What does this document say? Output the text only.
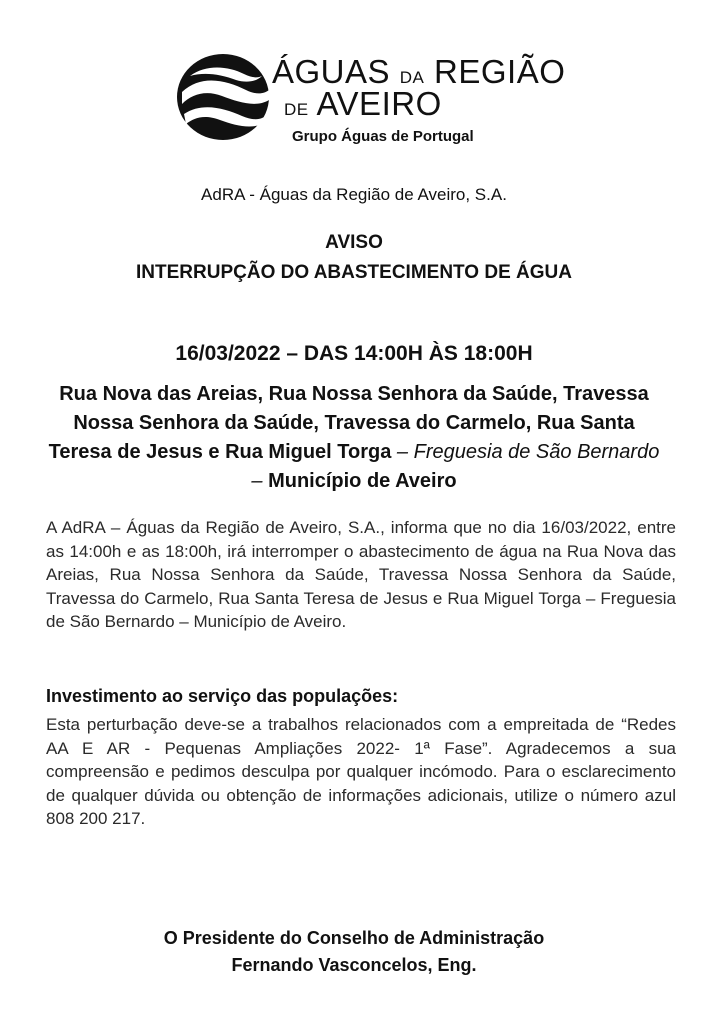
ÁGUAS DA REGIÃO
DE AVEIRO
Grupo Águas de Portugal
AdRA - Águas da Região de Aveiro, S.A.
AVISO
INTERRUPÇÃO DO ABASTECIMENTO DE ÁGUA
16/03/2022 – DAS 14:00H ÀS 18:00H
Rua Nova das Areias, Rua Nossa Senhora da Saúde, Travessa Nossa Senhora da Saúde, Travessa do Carmelo, Rua Santa Teresa de Jesus e Rua Miguel Torga – Freguesia de São Bernardo – Município de Aveiro
A AdRA – Águas da Região de Aveiro, S.A., informa que no dia 16/03/2022, entre as 14:00h e as 18:00h, irá interromper o abastecimento de água na Rua Nova das Areias, Rua Nossa Senhora da Saúde, Travessa Nossa Senhora da Saúde, Travessa do Carmelo, Rua Santa Teresa de Jesus e Rua Miguel Torga – Freguesia de São Bernardo – Município de Aveiro.
Investimento ao serviço das populações:
Esta perturbação deve-se a trabalhos relacionados com a empreitada de “Redes AA E AR - Pequenas Ampliações 2022- 1ª Fase”. Agradecemos a sua compreensão e pedimos desculpa por qualquer incómodo. Para o esclarecimento de qualquer dúvida ou obtenção de informações adicionais, utilize o número azul 808 200 217.
O Presidente do Conselho de Administração
Fernando Vasconcelos, Eng.
